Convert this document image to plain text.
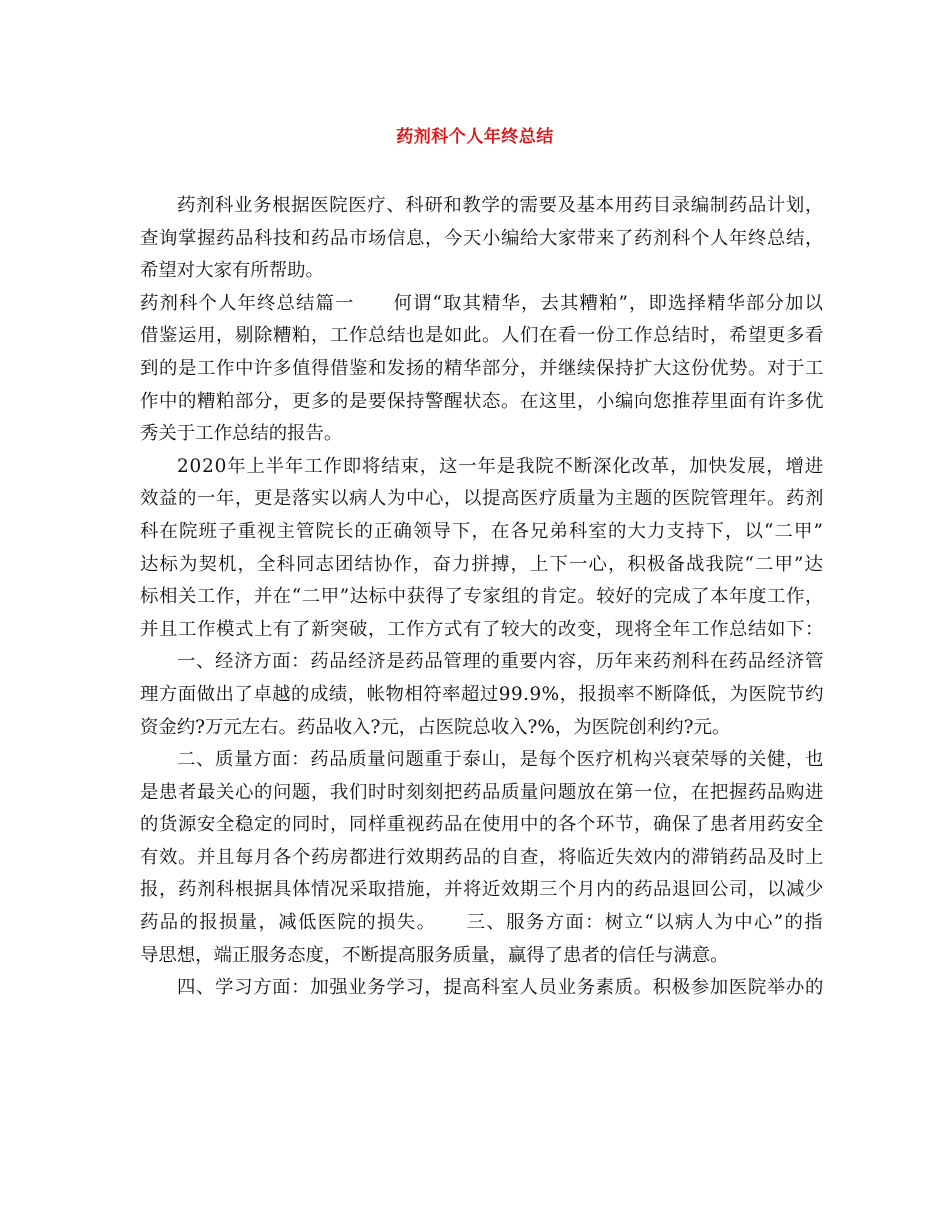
药剂科个人年终总结
药剂科业务根据医院医疗、科研和教学的需要及基本用药目录编制药品计划，
查询掌握药品科技和药品市场信息，今天小编给大家带来了药剂科个人年终总结，
希望对大家有所帮助。
药剂科个人年终总结篇一　　何谓“取其精华，去其糟粕”，即选择精华部分加以
借鉴运用，剔除糟粕，工作总结也是如此。人们在看一份工作总结时，希望更多看
到的是工作中许多值得借鉴和发扬的精华部分，并继续保持扩大这份优势。对于工
作中的糟粕部分，更多的是要保持警醒状态。在这里，小编向您推荐里面有许多优
秀关于工作总结的报告。
2020年上半年工作即将结束，这一年是我院不断深化改革，加快发展，增进
效益的一年，更是落实以病人为中心，以提高医疗质量为主题的医院管理年。药剂
科在院班子重视主管院长的正确领导下，在各兄弟科室的大力支持下，以“二甲”
达标为契机，全科同志团结协作，奋力拼搏，上下一心，积极备战我院“二甲”达
标相关工作，并在“二甲”达标中获得了专家组的肯定。较好的完成了本年度工作，
并且工作模式上有了新突破，工作方式有了较大的改变，现将全年工作总结如下：
一、经济方面：药品经济是药品管理的重要内容，历年来药剂科在药品经济管
理方面做出了卓越的成绩，帐物相符率超过99.9%，报损率不断降低，为医院节约
资金约?万元左右。药品收入?元，占医院总收入?%，为医院创利约?元。
二、质量方面：药品质量问题重于泰山，是每个医疗机构兴衰荣辱的关健，也
是患者最关心的问题，我们时时刻刻把药品质量问题放在第一位，在把握药品购进
的货源安全稳定的同时，同样重视药品在使用中的各个环节，确保了患者用药安全
有效。并且每月各个药房都进行效期药品的自查，将临近失效内的滞销药品及时上
报，药剂科根据具体情况采取措施，并将近效期三个月内的药品退回公司，以减少
药品的报损量，减低医院的损失。　　三、服务方面：树立“以病人为中心”的指
导思想，端正服务态度，不断提高服务质量，赢得了患者的信任与满意。
四、学习方面：加强业务学习，提高科室人员业务素质。积极参加医院举办的
